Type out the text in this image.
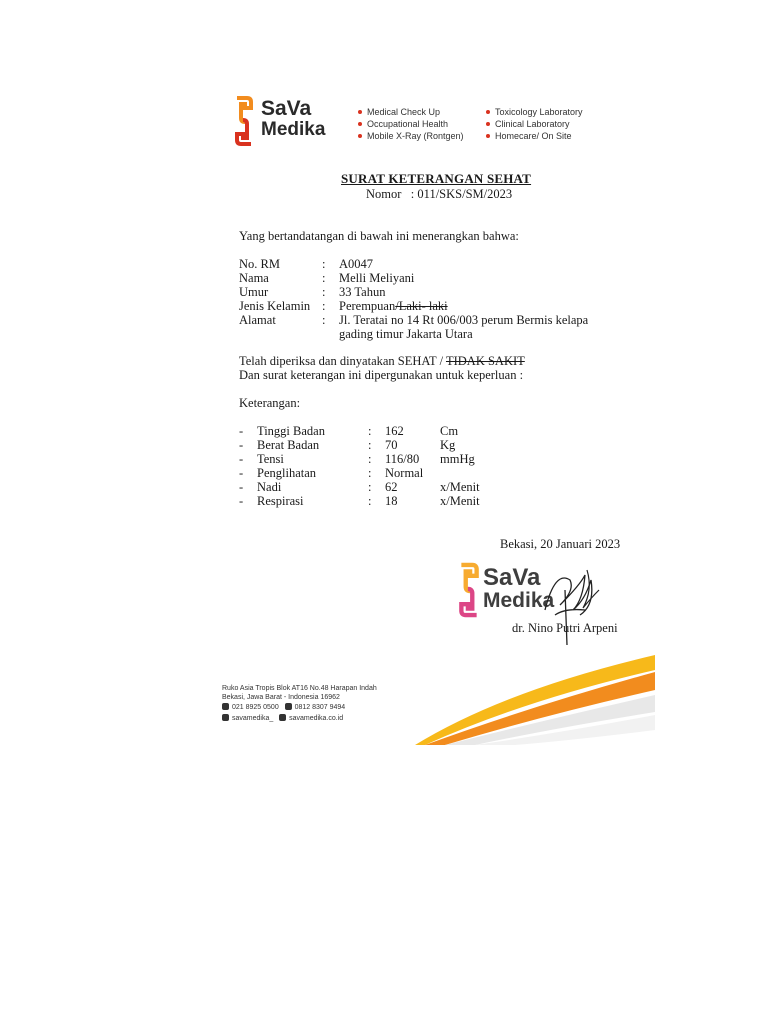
SaVa
Medika
Medical Check Up
Occupational Health
Mobile X-Ray (Rontgen)
Toxicology Laboratory
Clinical Laboratory
Homecare/ On Site
SURAT KETERANGAN SEHAT
Nomor : 011/SKS/SM/2023
Yang bertandatangan di bawah ini menerangkan bahwa:
No. RM	: A0047
Nama	: Melli Meliyani
Umur	: 33 Tahun
Jenis Kelamin : Perempuan/Laki- laki
Alamat	: Jl. Teratai no 14 Rt 006/003 perum Bermis kelapa
gading timur Jakarta Utara
Telah diperiksa dan dinyatakan SEHAT / TIDAK SAKIT
Dan surat keterangan ini dipergunakan untuk keperluan :
Keterangan:
- Tinggi Badan	: 162	Cm
- Berat Badan	: 70	Kg
- Tensi	: 116/80 mmHg
- Penglihatan	: Normal
- Nadi	: 62	x/Menit
- Respirasi	: 18	x/Menit
Bekasi, 20 Januari 2023
SaVa
Medika
dr. Nino Putri Arpeni
Ruko Asia Tropis Blok AT16 No.48 Harapan Indah
Bekasi, Jawa Barat - Indonesia 16962
021 8925 0500 0812 8307 9494
savamedika_ savamedika.co.id
